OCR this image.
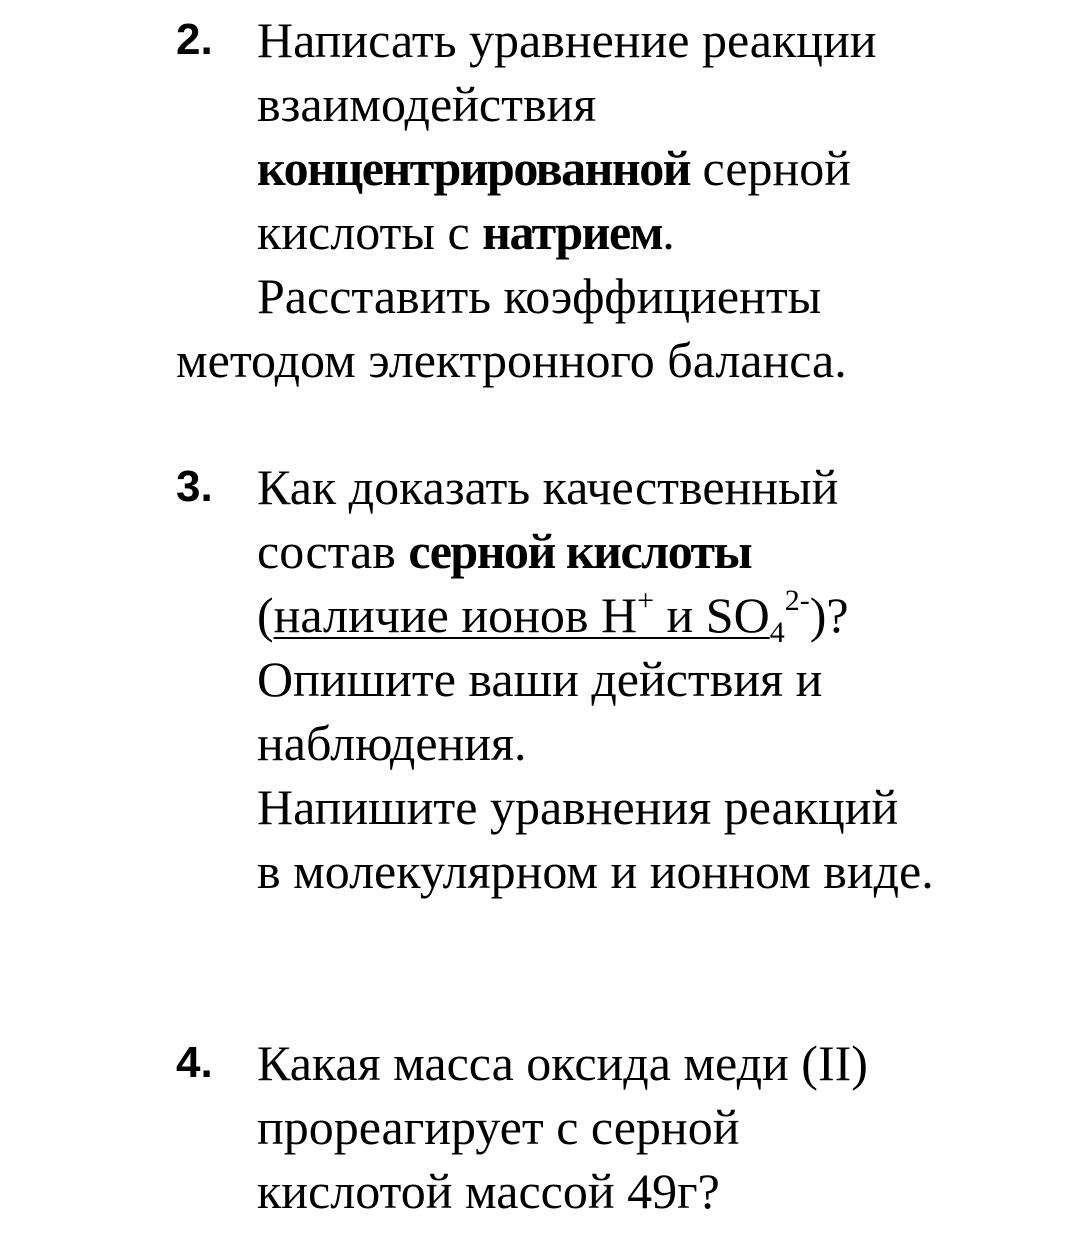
2. Написать уравнение реакции
взаимодействия
концентрированной серной
кислоты с натрием.
Расставить коэффициенты
методом электронного баланса.
3. Как доказать качественный
состав серной кислоты
(наличие ионов H+ и $SO_4^{2-}$)?
Опишите ваши действия и
наблюдения.
Напишите уравнения реакций
в молекулярном и ионном виде.
4. Какая масса оксида меди (II)
прореагирует с серной
кислотой массой 49г?
